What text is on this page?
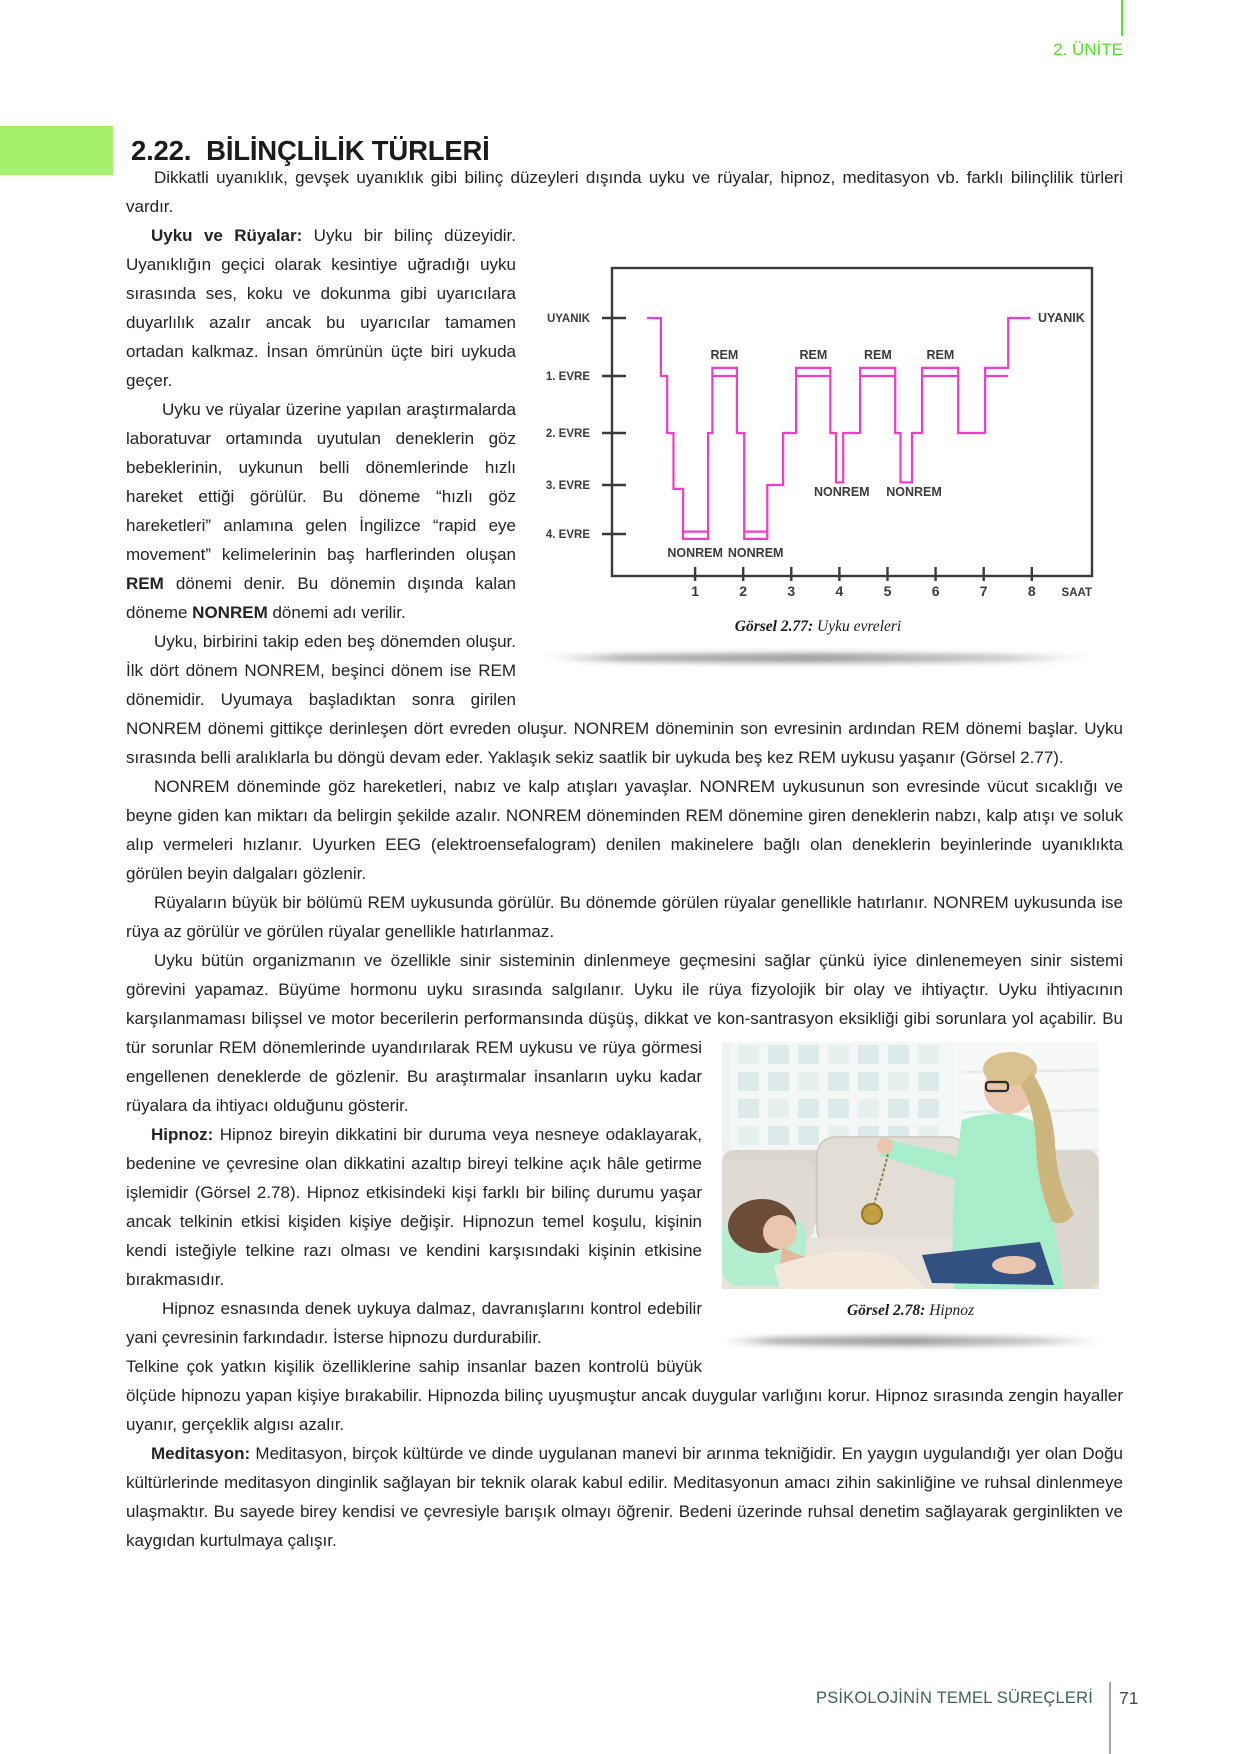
2. ÜNİTE
2.22. BİLİNÇLİLİK TÜRLERİ
Dikkatli uyanıklık, gevşek uyanıklık gibi bilinç düzeyleri dışında uyku ve rüyalar, hipnoz, meditasyon vb. farklı bilinçlilik türleri vardır.
UYANIK
1. EVRE
2. EVRE
3. EVRE
4. EVRE
1	2	3	4	5	6	7	8 SAAT
REM	REM	REM	REM
NONREM NONREM
NONREM NONREM
UYANIK
Görsel 2.77: Uyku evreleri
Uyku ve Rüyalar: Uyku bir bilinç düzeyidir. Uyanıklığın geçici olarak kesintiye uğradığı uyku sırasında ses, koku ve dokunma gibi uyarıcılara duyarlılık azalır ancak bu uyarıcılar tamamen ortadan kalkmaz. İnsan ömrünün üçte biri uykuda geçer.
Uyku ve rüyalar üzerine yapılan araştırmalarda laboratuvar ortamında uyutulan deneklerin göz bebeklerinin, uykunun belli dönemlerinde hızlı hareket ettiği görülür. Bu döneme “hızlı göz hareketleri” anlamına gelen İngilizce “rapid eye movement” kelimelerinin baş harflerinden oluşan REM dönemi denir. Bu dönemin dışında kalan döneme NONREM dönemi adı verilir.
Uyku, birbirini takip eden beş dönemden oluşur. İlk dört dönem NONREM, beşinci dönem ise REM dönemidir. Uyumaya başladıktan sonra girilen NONREM dönemi gittikçe derinleşen dört evreden oluşur. NONREM döneminin son evresinin ardından REM dönemi başlar. Uyku sırasında belli aralıklarla bu döngü devam eder. Yaklaşık sekiz saatlik bir uykuda beş kez REM uykusu yaşanır (Görsel 2.77).
NONREM döneminde göz hareketleri, nabız ve kalp atışları yavaşlar. NONREM uykusunun son evresinde vücut sıcaklığı ve beyne giden kan miktarı da belirgin şekilde azalır. NONREM döneminden REM dönemine giren deneklerin nabzı, kalp atışı ve soluk alıp vermeleri hızlanır. Uyurken EEG (elektroensefalogram) denilen makinelere bağlı olan deneklerin beyinlerinde uyanıklıkta görülen beyin dalgaları gözlenir.
Rüyaların büyük bir bölümü REM uykusunda görülür. Bu dönemde görülen rüyalar genellikle hatırlanır. NONREM uykusunda ise rüya az görülür ve görülen rüyalar genellikle hatırlanmaz.
Uyku bütün organizmanın ve özellikle sinir sisteminin dinlenmeye geçmesini sağlar çünkü iyice dinlenemeyen sinir sistemi görevini yapamaz. Büyüme hormonu uyku sırasında salgılanır. Uyku ile rüya fizyolojik bir olay ve ihtiyaçtır. Uyku ihtiyacının karşılanmaması bilişsel ve motor becerilerin performansında düşüş, dikkat ve kon-
Görsel 2.78: Hipnoz
santrasyon eksikliği gibi sorunlara yol açabilir. Bu tür sorunlar REM dönemlerinde uyandırılarak REM uykusu ve rüya görmesi engellenen deneklerde de gözlenir. Bu araştırmalar insanların uyku kadar rüyalara da ihtiyacı olduğunu gösterir.
Hipnoz: Hipnoz bireyin dikkatini bir duruma veya nesneye odaklayarak, bedenine ve çevresine olan dikkatini azaltıp bireyi telkine açık hâle getirme işlemidir (Görsel 2.78). Hipnoz etkisindeki kişi farklı bir bilinç durumu yaşar ancak telkinin etkisi kişiden kişiye değişir. Hipnozun temel koşulu, kişinin kendi isteğiyle telkine razı olması ve kendini karşısındaki kişinin etkisine bırakmasıdır.
Hipnoz esnasında denek uykuya dalmaz, davranışlarını kontrol edebilir yani çevresinin farkındadır. İsterse hipnozu durdurabilir.
Telkine çok yatkın kişilik özelliklerine sahip insanlar bazen kontrolü büyük ölçüde hipnozu yapan kişiye bırakabilir. Hipnozda bilinç uyuşmuştur ancak duygular varlığını korur. Hipnoz sırasında zengin hayaller uyanır, gerçeklik algısı azalır.
Meditasyon: Meditasyon, birçok kültürde ve dinde uygulanan manevi bir arınma tekniğidir. En yaygın uygulandığı yer olan Doğu kültürlerinde meditasyon dinginlik sağlayan bir teknik olarak kabul edilir. Meditasyonun amacı zihin sakinliğine ve ruhsal dinlenmeye ulaşmaktır. Bu sayede birey kendisi ve çevresiyle barışık olmayı öğrenir. Bedeni üzerinde ruhsal denetim sağlayarak gerginlikten ve kaygıdan kurtulmaya çalışır.
PSİKOLOJİNİN TEMEL SÜREÇLERİ 71
